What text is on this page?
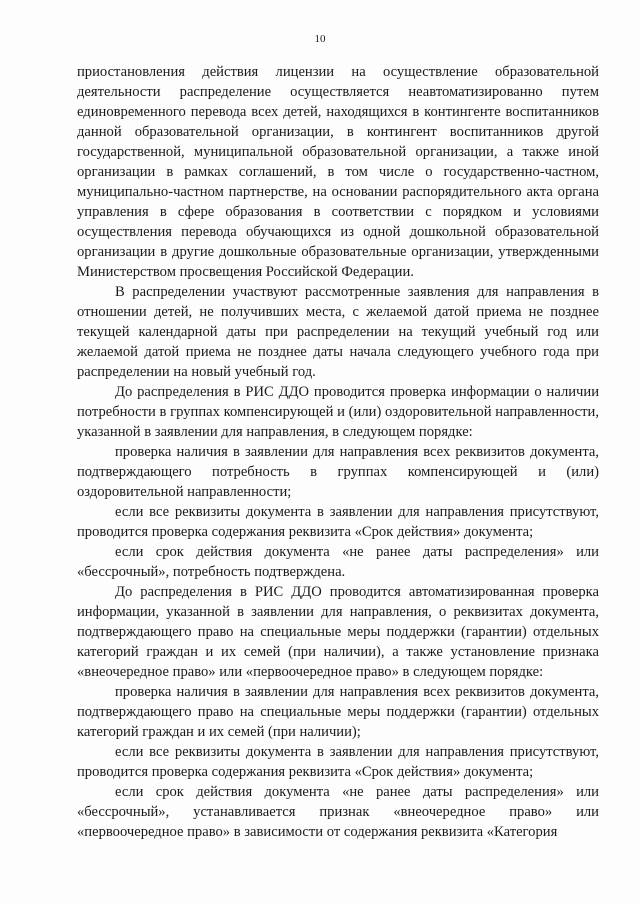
10

приостановления действия лицензии на осуществление образовательной деятельности распределение осуществляется неавтоматизированно путем единовременного перевода всех детей, находящихся в контингенте воспитанников данной образовательной организации, в контингент воспитанников другой государственной, муниципальной образовательной организации, а также иной организации в рамках соглашений, в том числе о государственно-частном, муниципально-частном партнерстве, на основании распорядительного акта органа управления в сфере образования в соответствии с порядком и условиями осуществления перевода обучающихся из одной дошкольной образовательной организации в другие дошкольные образовательные организации, утвержденными Министерством просвещения Российской Федерации.

В распределении участвуют рассмотренные заявления для направления в отношении детей, не получивших места, с желаемой датой приема не позднее текущей календарной даты при распределении на текущий учебный год или желаемой датой приема не позднее даты начала следующего учебного года при распределении на новый учебный год.

До распределения в РИС ДДО проводится проверка информации о наличии потребности в группах компенсирующей и (или) оздоровительной направленности, указанной в заявлении для направления, в следующем порядке:

проверка наличия в заявлении для направления всех реквизитов документа, подтверждающего потребность в группах компенсирующей и (или) оздоровительной направленности;

если все реквизиты документа в заявлении для направления присутствуют, проводится проверка содержания реквизита «Срок действия» документа;

если срок действия документа «не ранее даты распределения» или «бессрочный», потребность подтверждена.

До распределения в РИС ДДО проводится автоматизированная проверка информации, указанной в заявлении для направления, о реквизитах документа, подтверждающего право на специальные меры поддержки (гарантии) отдельных категорий граждан и их семей (при наличии), а также установление признака «внеочередное право» или «первоочередное право» в следующем порядке:

проверка наличия в заявлении для направления всех реквизитов документа, подтверждающего право на специальные меры поддержки (гарантии) отдельных категорий граждан и их семей (при наличии);

если все реквизиты документа в заявлении для направления присутствуют, проводится проверка содержания реквизита «Срок действия» документа;

если срок действия документа «не ранее даты распределения» или «бессрочный», устанавливается признак «внеочередное право» или «первоочередное право» в зависимости от содержания реквизита «Категория
